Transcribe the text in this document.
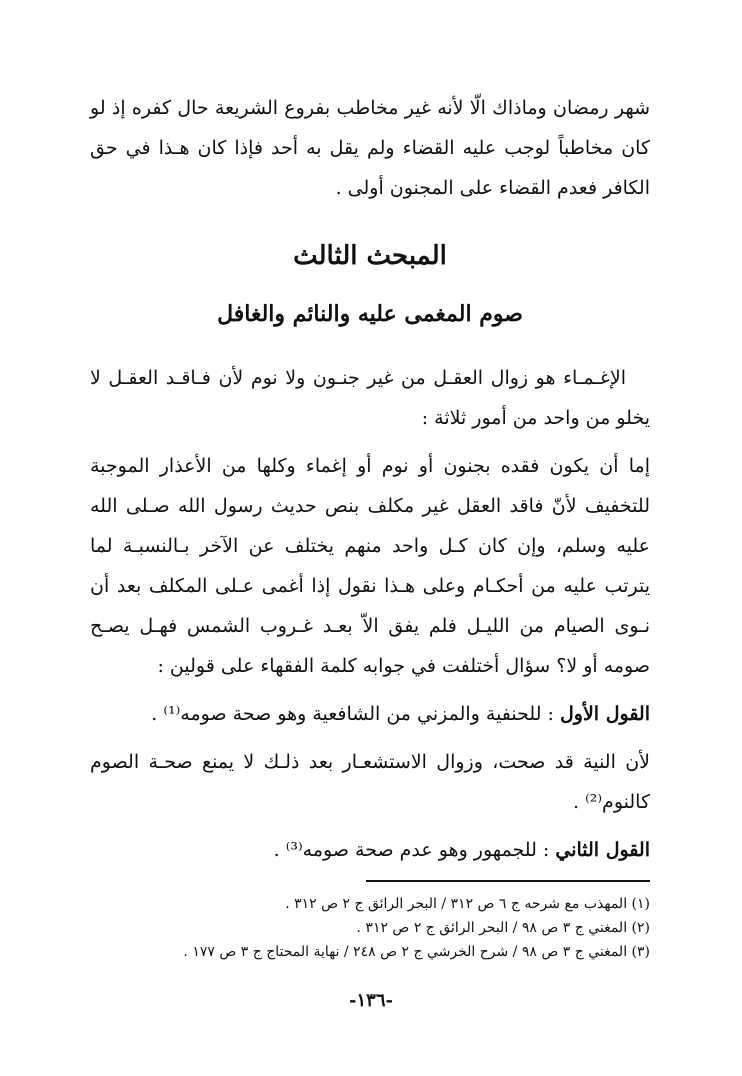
شهر رمضان وماذاك الّا لأنه غير مخاطب بفروع الشريعة حال كفره إذ لو كان مخاطباً لوجب عليه القضاء ولم يقل به أحد فإذا كان هـذا في حق الكافر فعدم القضاء على المجنون أولى .

المبحث الثالث
صوم المغمى عليه والنائم والغافل

الإغـمـاء هو زوال العقـل من غير جنـون ولا نوم لأن فـاقـد العقـل لا يخلو من واحد من أمور ثلاثة :

إما أن يكون فقده بجنون أو نوم أو إغماء وكلها من الأعذار الموجبة للتخفيف لأنّ فاقد العقل غير مكلف بنص حديث رسول الله صـلى الله عليه وسلم، وإن كان كـل واحد منهم يختلف عن الآخر بـالنسبـة لما يترتب عليه من أحكـام وعلى هـذا نقول إذا أغمى عـلى المكلف بعد أن نـوى الصيام من الليـل فلم يفق الاّ بعـد غـروب الشمس فهـل يصـح صومه أو لا؟ سؤال أختلفت في جوابه كلمة الفقهاء على قولين :

القول الأول : للحنفية والمزني من الشافعية وهو صحة صومه⁽¹⁾ .

لأن النية قد صحت، وزوال الاستشعـار بعد ذلـك لا يمنع صحـة الصوم كالنوم⁽²⁾ .

القول الثاني : للجمهور وهو عدم صحة صومه⁽³⁾ .

(١) المهذب مع شرحه ج ٦ ص ٣١٢ / البحر الرائق ج ٢ ص ٣١٢ .

(٢) المغني ج ٣ ص ٩٨ / البحر الرائق ج ٢ ص ٣١٢ .

(٣) المغني ج ٣ ص ٩٨ / شرح الخرشي ج ٢ ص ٢٤٨ / نهاية المحتاج ج ٣ ص ١٧٧ .

-١٣٦-
